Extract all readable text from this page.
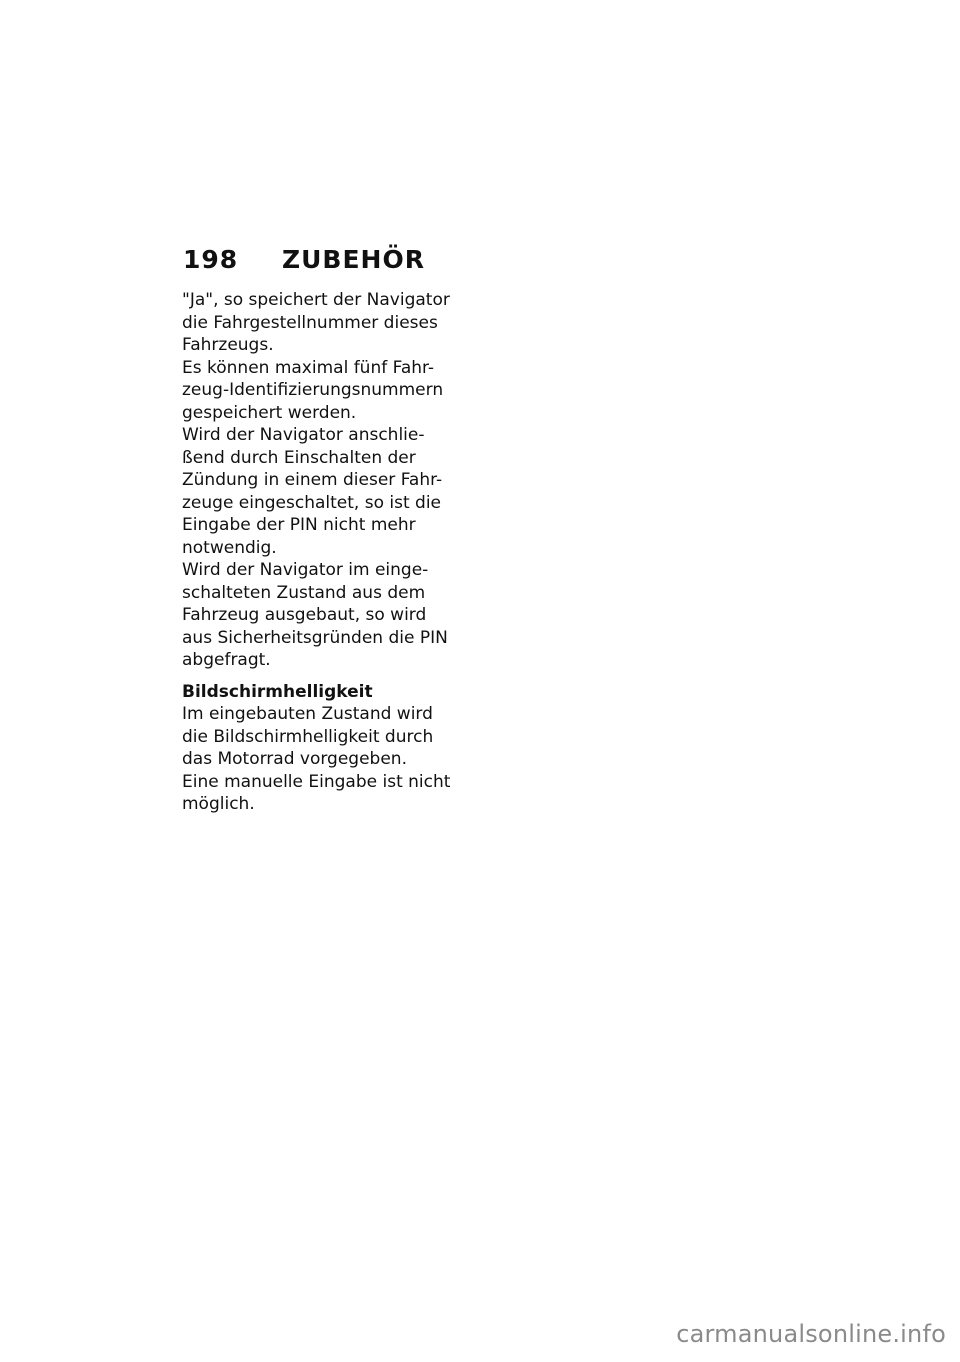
198 ZUBEHÖR
"Ja", so speichert der Navigator
die Fahrgestellnummer dieses
Fahrzeugs.
Es können maximal fünf Fahr-
zeug-Identifizierungsnummern
gespeichert werden.
Wird der Navigator anschlie-
ßend durch Einschalten der
Zündung in einem dieser Fahr-
zeuge eingeschaltet, so ist die
Eingabe der PIN nicht mehr
notwendig.
Wird der Navigator im einge-
schalteten Zustand aus dem
Fahrzeug ausgebaut, so wird
aus Sicherheitsgründen die PIN
abgefragt.
Bildschirmhelligkeit
Im eingebauten Zustand wird
die Bildschirmhelligkeit durch
das Motorrad vorgegeben.
Eine manuelle Eingabe ist nicht
möglich.
carmanualsonline.info
